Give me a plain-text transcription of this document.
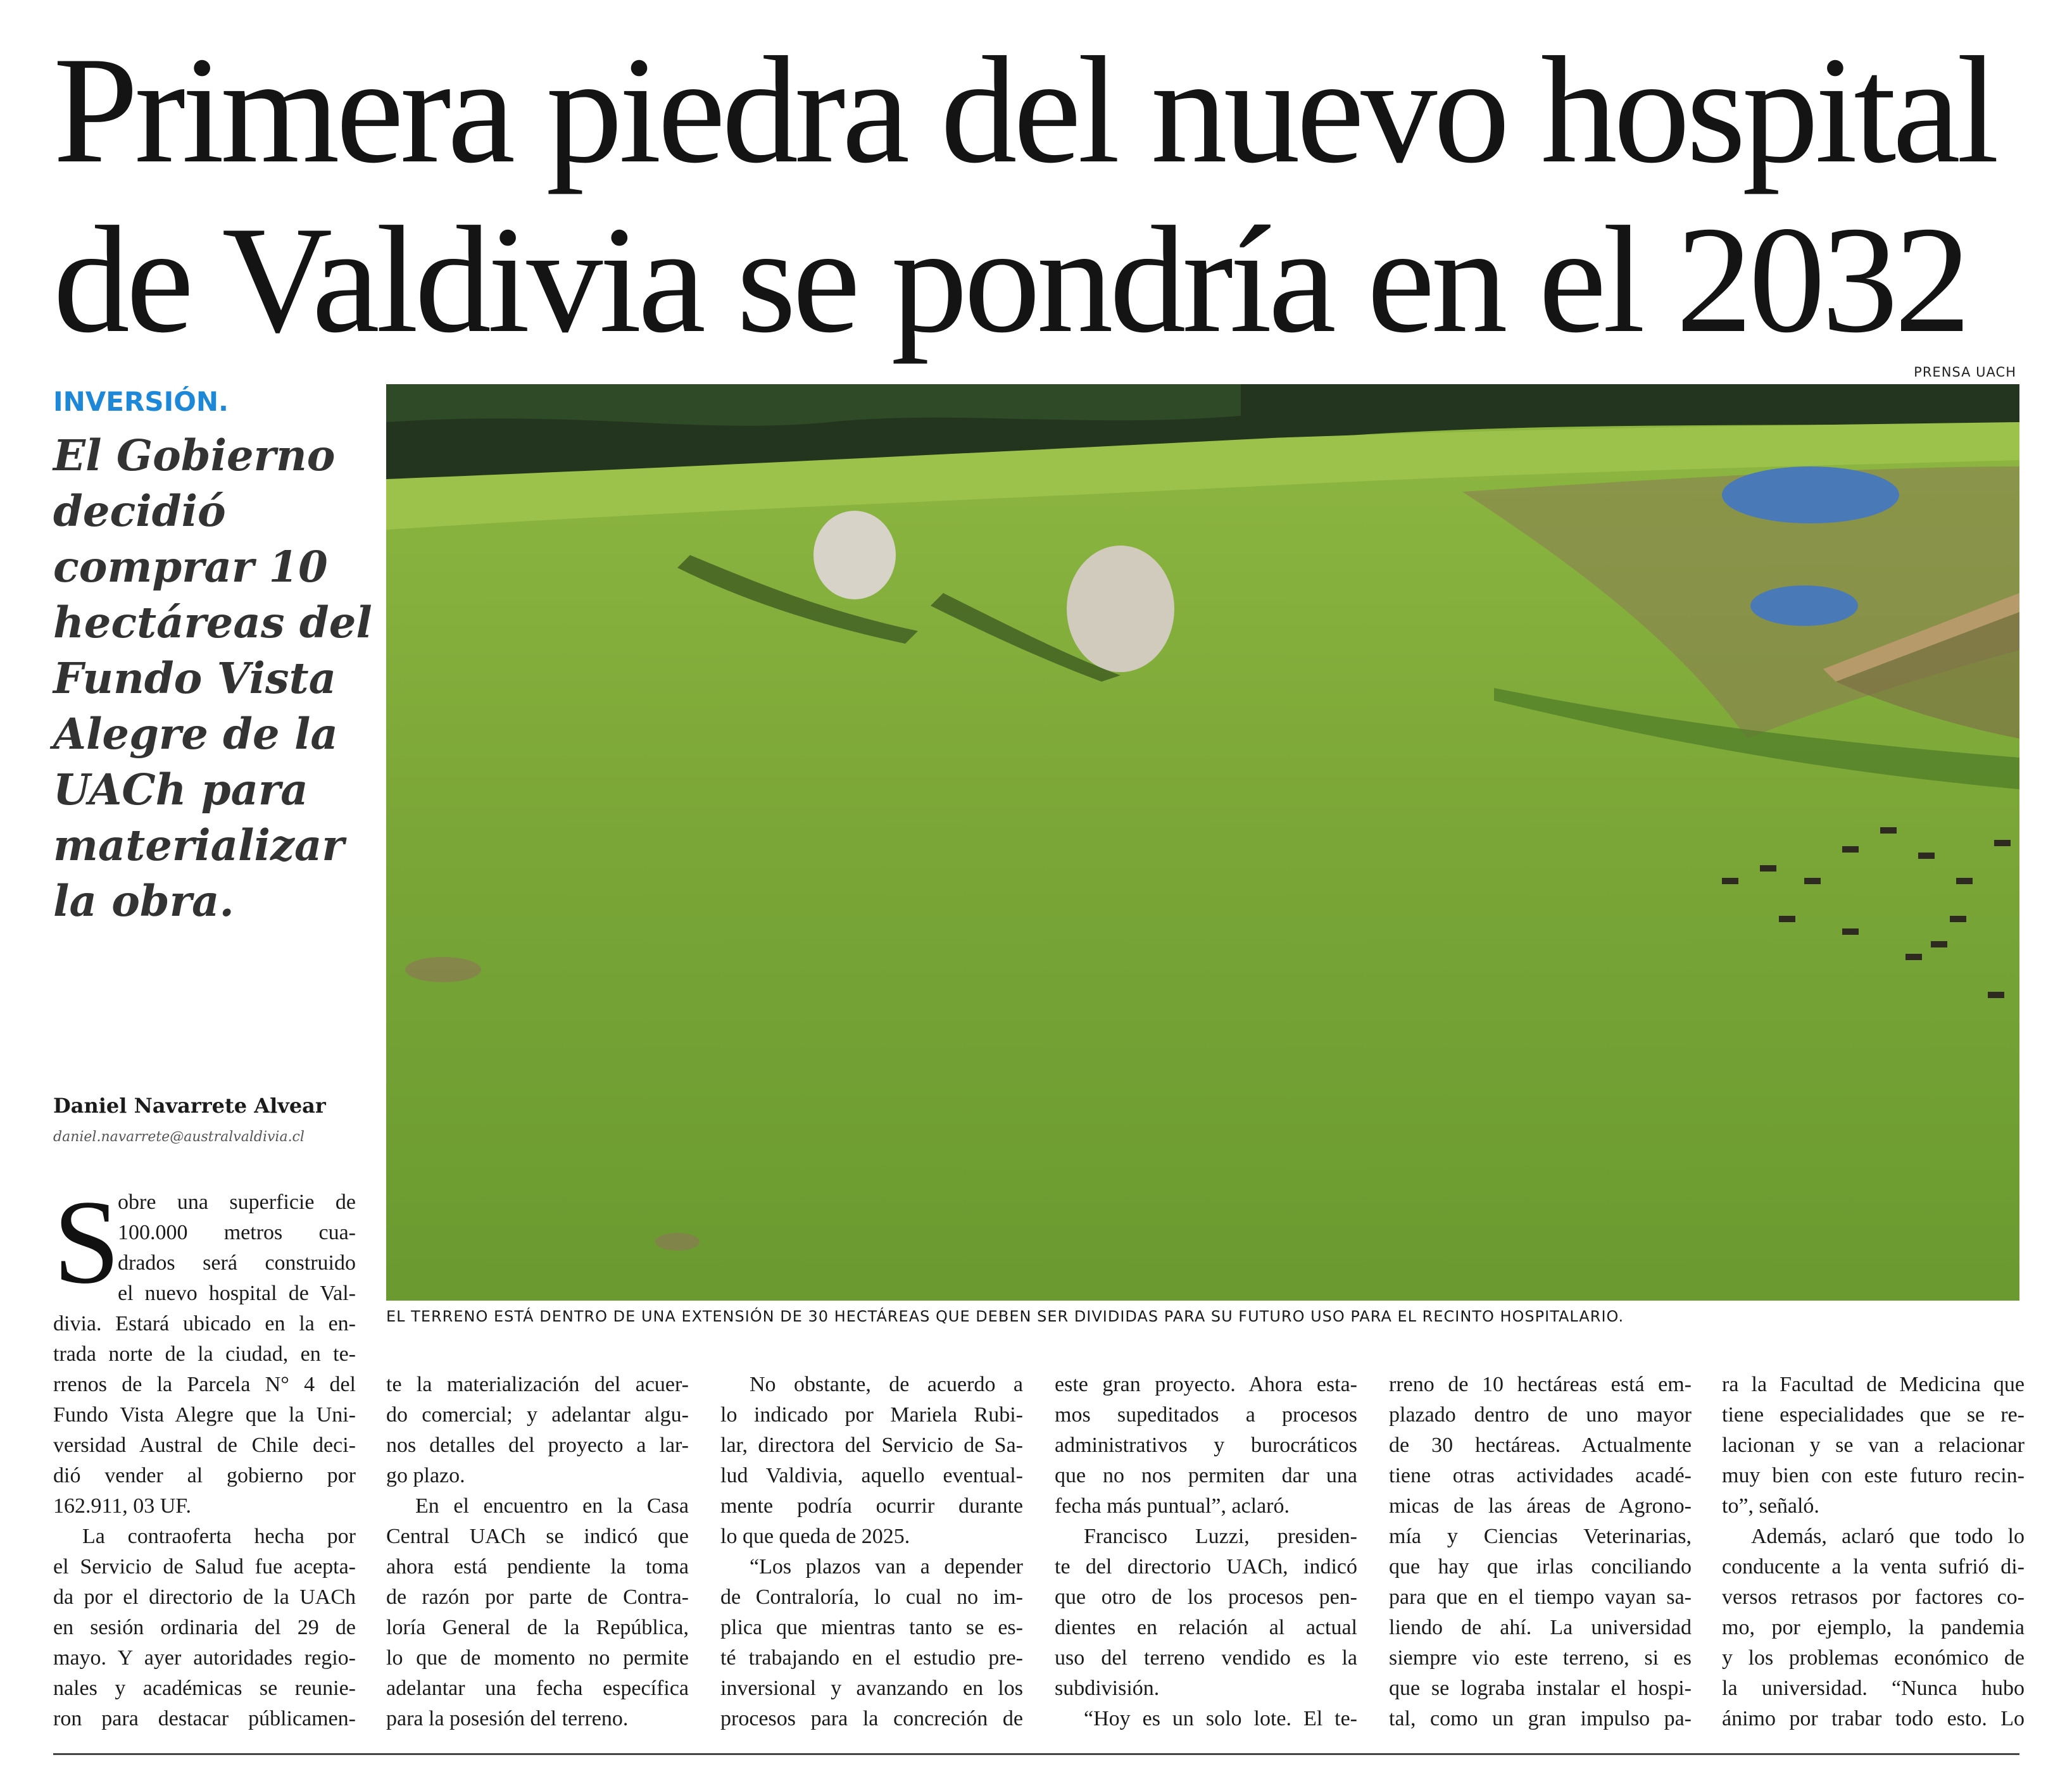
Primera piedra del nuevo hospital
de Valdivia se pondría en el 2032
PRENSA UACH
EL TERRENO ESTÁ DENTRO DE UNA EXTENSIÓN DE 30 HECTÁREAS QUE DEBEN SER DIVIDIDAS PARA SU FUTURO USO PARA EL RECINTO HOSPITALARIO.
INVERSIÓN.
El Gobierno
decidió
comprar 10
hectáreas del
Fundo Vista
Alegre de la
UACh para
materializar
la obra.
Daniel Navarrete Alvear
daniel.navarrete@australvaldivia.cl
S
obre una superficie de
100.000 metros cua-
drados será construido
el nuevo hospital de Val-
divia. Estará ubicado en la en-
trada norte de la ciudad, en te-
rrenos de la Parcela N° 4 del
Fundo Vista Alegre que la Uni-
versidad Austral de Chile deci-
dió vender al gobierno por
162.911, 03 UF.
La contraoferta hecha por
el Servicio de Salud fue acepta-
da por el directorio de la UACh
en sesión ordinaria del 29 de
mayo. Y ayer autoridades regio-
nales y académicas se reunie-
ron para destacar públicamen-
te la materialización del acuer-
do comercial; y adelantar algu-
nos detalles del proyecto a lar-
go plazo.
En el encuentro en la Casa
Central UACh se indicó que
ahora está pendiente la toma
de razón por parte de Contra-
loría General de la República,
lo que de momento no permite
adelantar una fecha específica
para la posesión del terreno.
No obstante, de acuerdo a
lo indicado por Mariela Rubi-
lar, directora del Servicio de Sa-
lud Valdivia, aquello eventual-
mente podría ocurrir durante
lo que queda de 2025.
“Los plazos van a depender
de Contraloría, lo cual no im-
plica que mientras tanto se es-
té trabajando en el estudio pre-
inversional y avanzando en los
procesos para la concreción de
este gran proyecto. Ahora esta-
mos supeditados a procesos
administrativos y burocráticos
que no nos permiten dar una
fecha más puntual”, aclaró.
Francisco Luzzi, presiden-
te del directorio UACh, indicó
que otro de los procesos pen-
dientes en relación al actual
uso del terreno vendido es la
subdivisión.
“Hoy es un solo lote. El te-
rreno de 10 hectáreas está em-
plazado dentro de uno mayor
de 30 hectáreas. Actualmente
tiene otras actividades acadé-
micas de las áreas de Agrono-
mía y Ciencias Veterinarias,
que hay que irlas conciliando
para que en el tiempo vayan sa-
liendo de ahí. La universidad
siempre vio este terreno, si es
que se lograba instalar el hospi-
tal, como un gran impulso pa-
ra la Facultad de Medicina que
tiene especialidades que se re-
lacionan y se van a relacionar
muy bien con este futuro recin-
to”, señaló.
Además, aclaró que todo lo
conducente a la venta sufrió di-
versos retrasos por factores co-
mo, por ejemplo, la pandemia
y los problemas económico de
la universidad. “Nunca hubo
ánimo por trabar todo esto. Lo
